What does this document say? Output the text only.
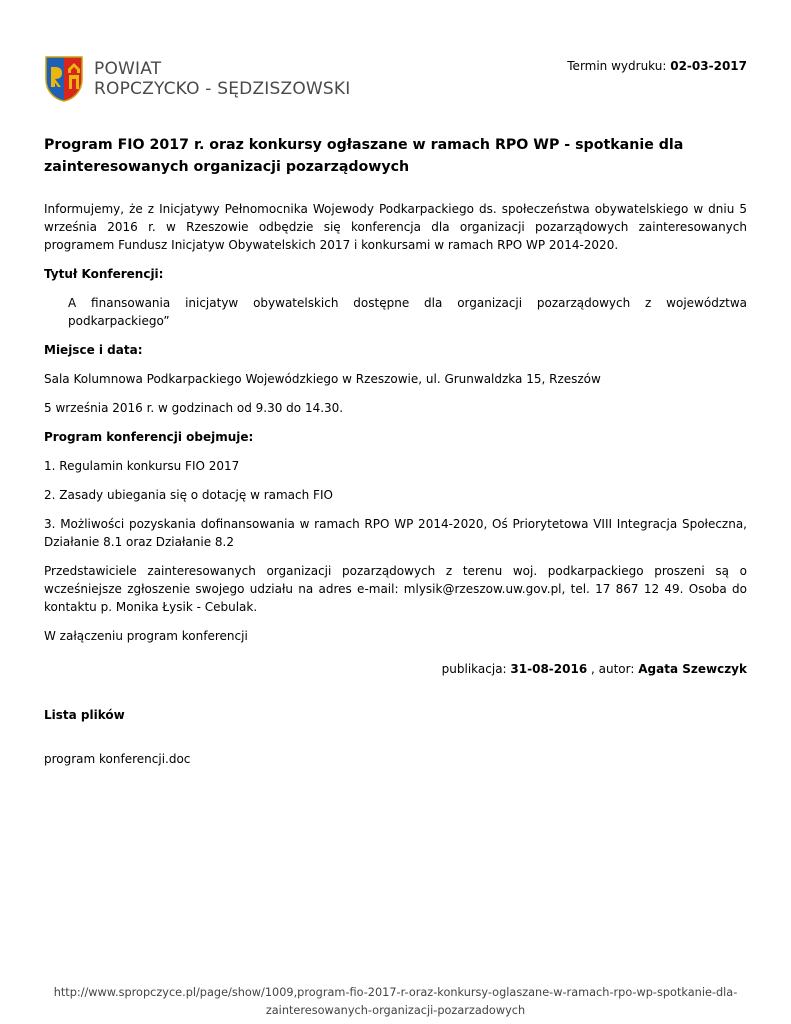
POWIAT
ROPCZYCKO - SĘDZISZOWSKI
Termin wydruku: 02-03-2017
Program FIO 2017 r. oraz konkursy ogłaszane w ramach RPO WP - spotkanie dla zainteresowanych organizacji pozarządowych

Informujemy, że z Inicjatywy Pełnomocnika Wojewody Podkarpackiego ds. społeczeństwa obywatelskiego w dniu 5 września 2016 r. w Rzeszowie odbędzie się konferencja dla organizacji pozarządowych zainteresowanych programem Fundusz Inicjatyw Obywatelskich 2017 i konkursami w ramach RPO WP 2014-2020.

Tytuł Konferencji:

A finansowania inicjatyw obywatelskich dostępne dla organizacji pozarządowych z województwa podkarpackiego”

Miejsce i data:

Sala Kolumnowa Podkarpackiego Wojewódzkiego w Rzeszowie, ul. Grunwaldzka 15, Rzeszów

5 września 2016 r. w godzinach od 9.30 do 14.30.

Program konferencji obejmuje:

1. Regulamin konkursu FIO 2017

2. Zasady ubiegania się o dotację w ramach FIO

3. Możliwości pozyskania dofinansowania w ramach RPO WP 2014-2020, Oś Priorytetowa VIII Integracja Społeczna, Działanie 8.1 oraz Działanie 8.2

Przedstawiciele zainteresowanych organizacji pozarządowych z terenu woj. podkarpackiego proszeni są o wcześniejsze zgłoszenie swojego udziału na adres e-mail: mlysik@rzeszow.uw.gov.pl, tel. 17 867 12 49. Osoba do kontaktu p. Monika Łysik - Cebulak.

W załączeniu program konferencji

publikacja: 31-08-2016 , autor: Agata Szewczyk
Lista plików
program konferencji.doc
http://www.spropczyce.pl/page/show/1009,program-fio-2017-r-oraz-konkursy-oglaszane-w-ramach-rpo-wp-spotkanie-dla-zainteresowanych-organizacji-pozarzadowych
